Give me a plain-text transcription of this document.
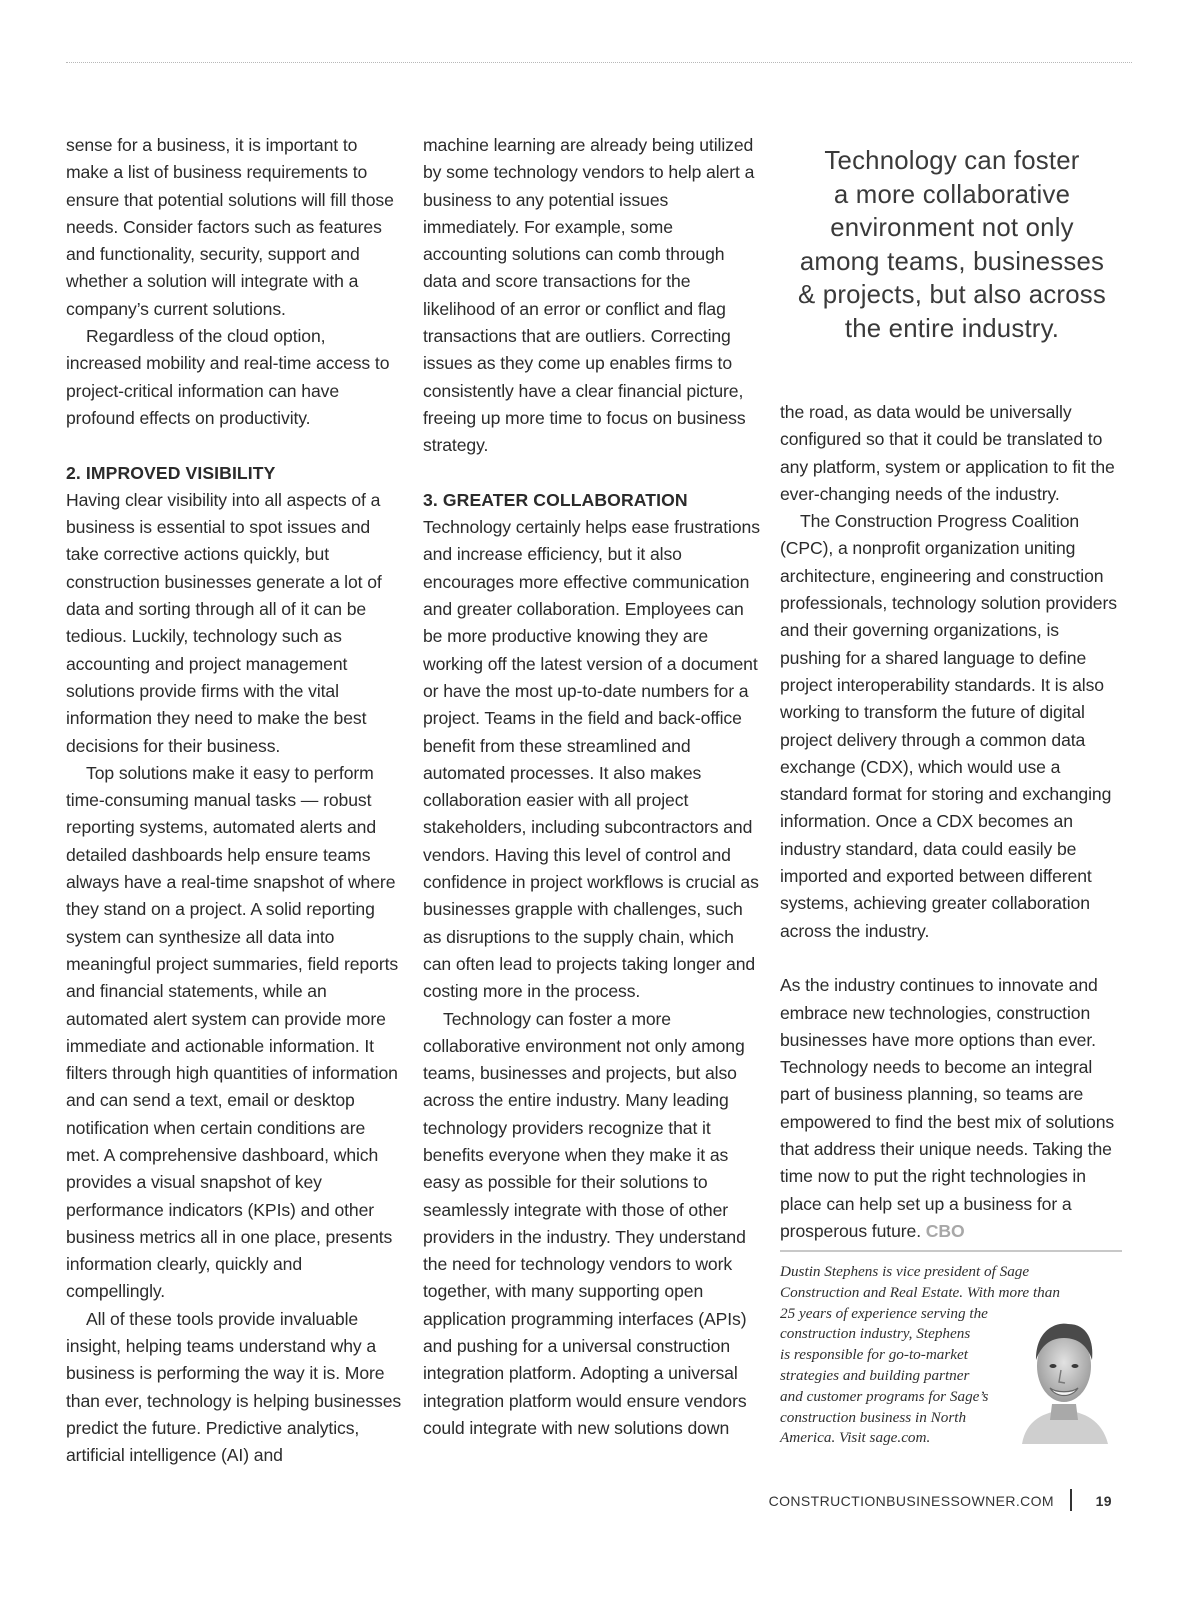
sense for a business, it is important to make a list of business requirements to ensure that potential solutions will fill those needs. Consider factors such as features and functionality, security, support and whether a solution will integrate with a company’s current solutions.

Regardless of the cloud option, increased mobility and real-time access to project-critical information can have profound effects on productivity.

2. IMPROVED VISIBILITY

Having clear visibility into all aspects of a business is essential to spot issues and take corrective actions quickly, but construction businesses generate a lot of data and sorting through all of it can be tedious. Luckily, technology such as accounting and project management solutions provide firms with the vital information they need to make the best decisions for their business.

Top solutions make it easy to perform time-consuming manual tasks — robust reporting systems, automated alerts and detailed dashboards help ensure teams always have a real-time snapshot of where they stand on a project. A solid reporting system can synthesize all data into meaningful project summaries, field reports and financial statements, while an automated alert system can provide more immediate and actionable information. It filters through high quantities of information and can send a text, email or desktop notification when certain conditions are met. A comprehensive dashboard, which provides a visual snapshot of key performance indicators (KPIs) and other business metrics all in one place, presents information clearly, quickly and compellingly.

All of these tools provide invaluable insight, helping teams understand why a business is performing the way it is. More than ever, technology is helping businesses predict the future. Predictive analytics, artificial intelligence (AI) and

machine learning are already being utilized by some technology vendors to help alert a business to any potential issues immediately. For example, some accounting solutions can comb through data and score transactions for the likelihood of an error or conflict and flag transactions that are outliers. Correcting issues as they come up enables firms to consistently have a clear financial picture, freeing up more time to focus on business strategy.

3. GREATER COLLABORATION

Technology certainly helps ease frustrations and increase efficiency, but it also encourages more effective communication and greater collaboration. Employees can be more productive knowing they are working off the latest version of a document or have the most up-to-date numbers for a project. Teams in the field and back-office benefit from these streamlined and automated processes. It also makes collaboration easier with all project stakeholders, including subcontractors and vendors. Having this level of control and confidence in project workflows is crucial as businesses grapple with challenges, such as disruptions to the supply chain, which can often lead to projects taking longer and costing more in the process.

Technology can foster a more collaborative environment not only among teams, businesses and projects, but also across the entire industry. Many leading technology providers recognize that it benefits everyone when they make it as easy as possible for their solutions to seamlessly integrate with those of other providers in the industry. They understand the need for technology vendors to work together, with many supporting open application programming interfaces (APIs) and pushing for a universal construction integration platform. Adopting a universal integration platform would ensure vendors could integrate with new solutions down

Technology can foster
a more collaborative
environment not only
among teams, businesses
& projects, but also across
the entire industry.

the road, as data would be universally configured so that it could be translated to any platform, system or application to fit the ever-changing needs of the industry.

The Construction Progress Coalition (CPC), a nonprofit organization uniting architecture, engineering and construction professionals, technology solution providers and their governing organizations, is pushing for a shared language to define project interoperability standards. It is also working to transform the future of digital project delivery through a common data exchange (CDX), which would use a standard format for storing and exchanging information. Once a CDX becomes an industry standard, data could easily be imported and exported between different systems, achieving greater collaboration across the industry.

As the industry continues to innovate and embrace new technologies, construction businesses have more options than ever. Technology needs to become an integral part of business planning, so teams are empowered to find the best mix of solutions that address their unique needs. Taking the time now to put the right technologies in place can help set up a business for a prosperous future. CBO

Dustin Stephens is vice president of Sage
Construction and Real Estate. With more than
25 years of experience serving the
construction industry, Stephens
is responsible for go-to-market
strategies and building partner
and customer programs for Sage’s
construction business in North
America. Visit sage.com.
CONSTRUCTIONBUSINESSOWNER.COM	19
